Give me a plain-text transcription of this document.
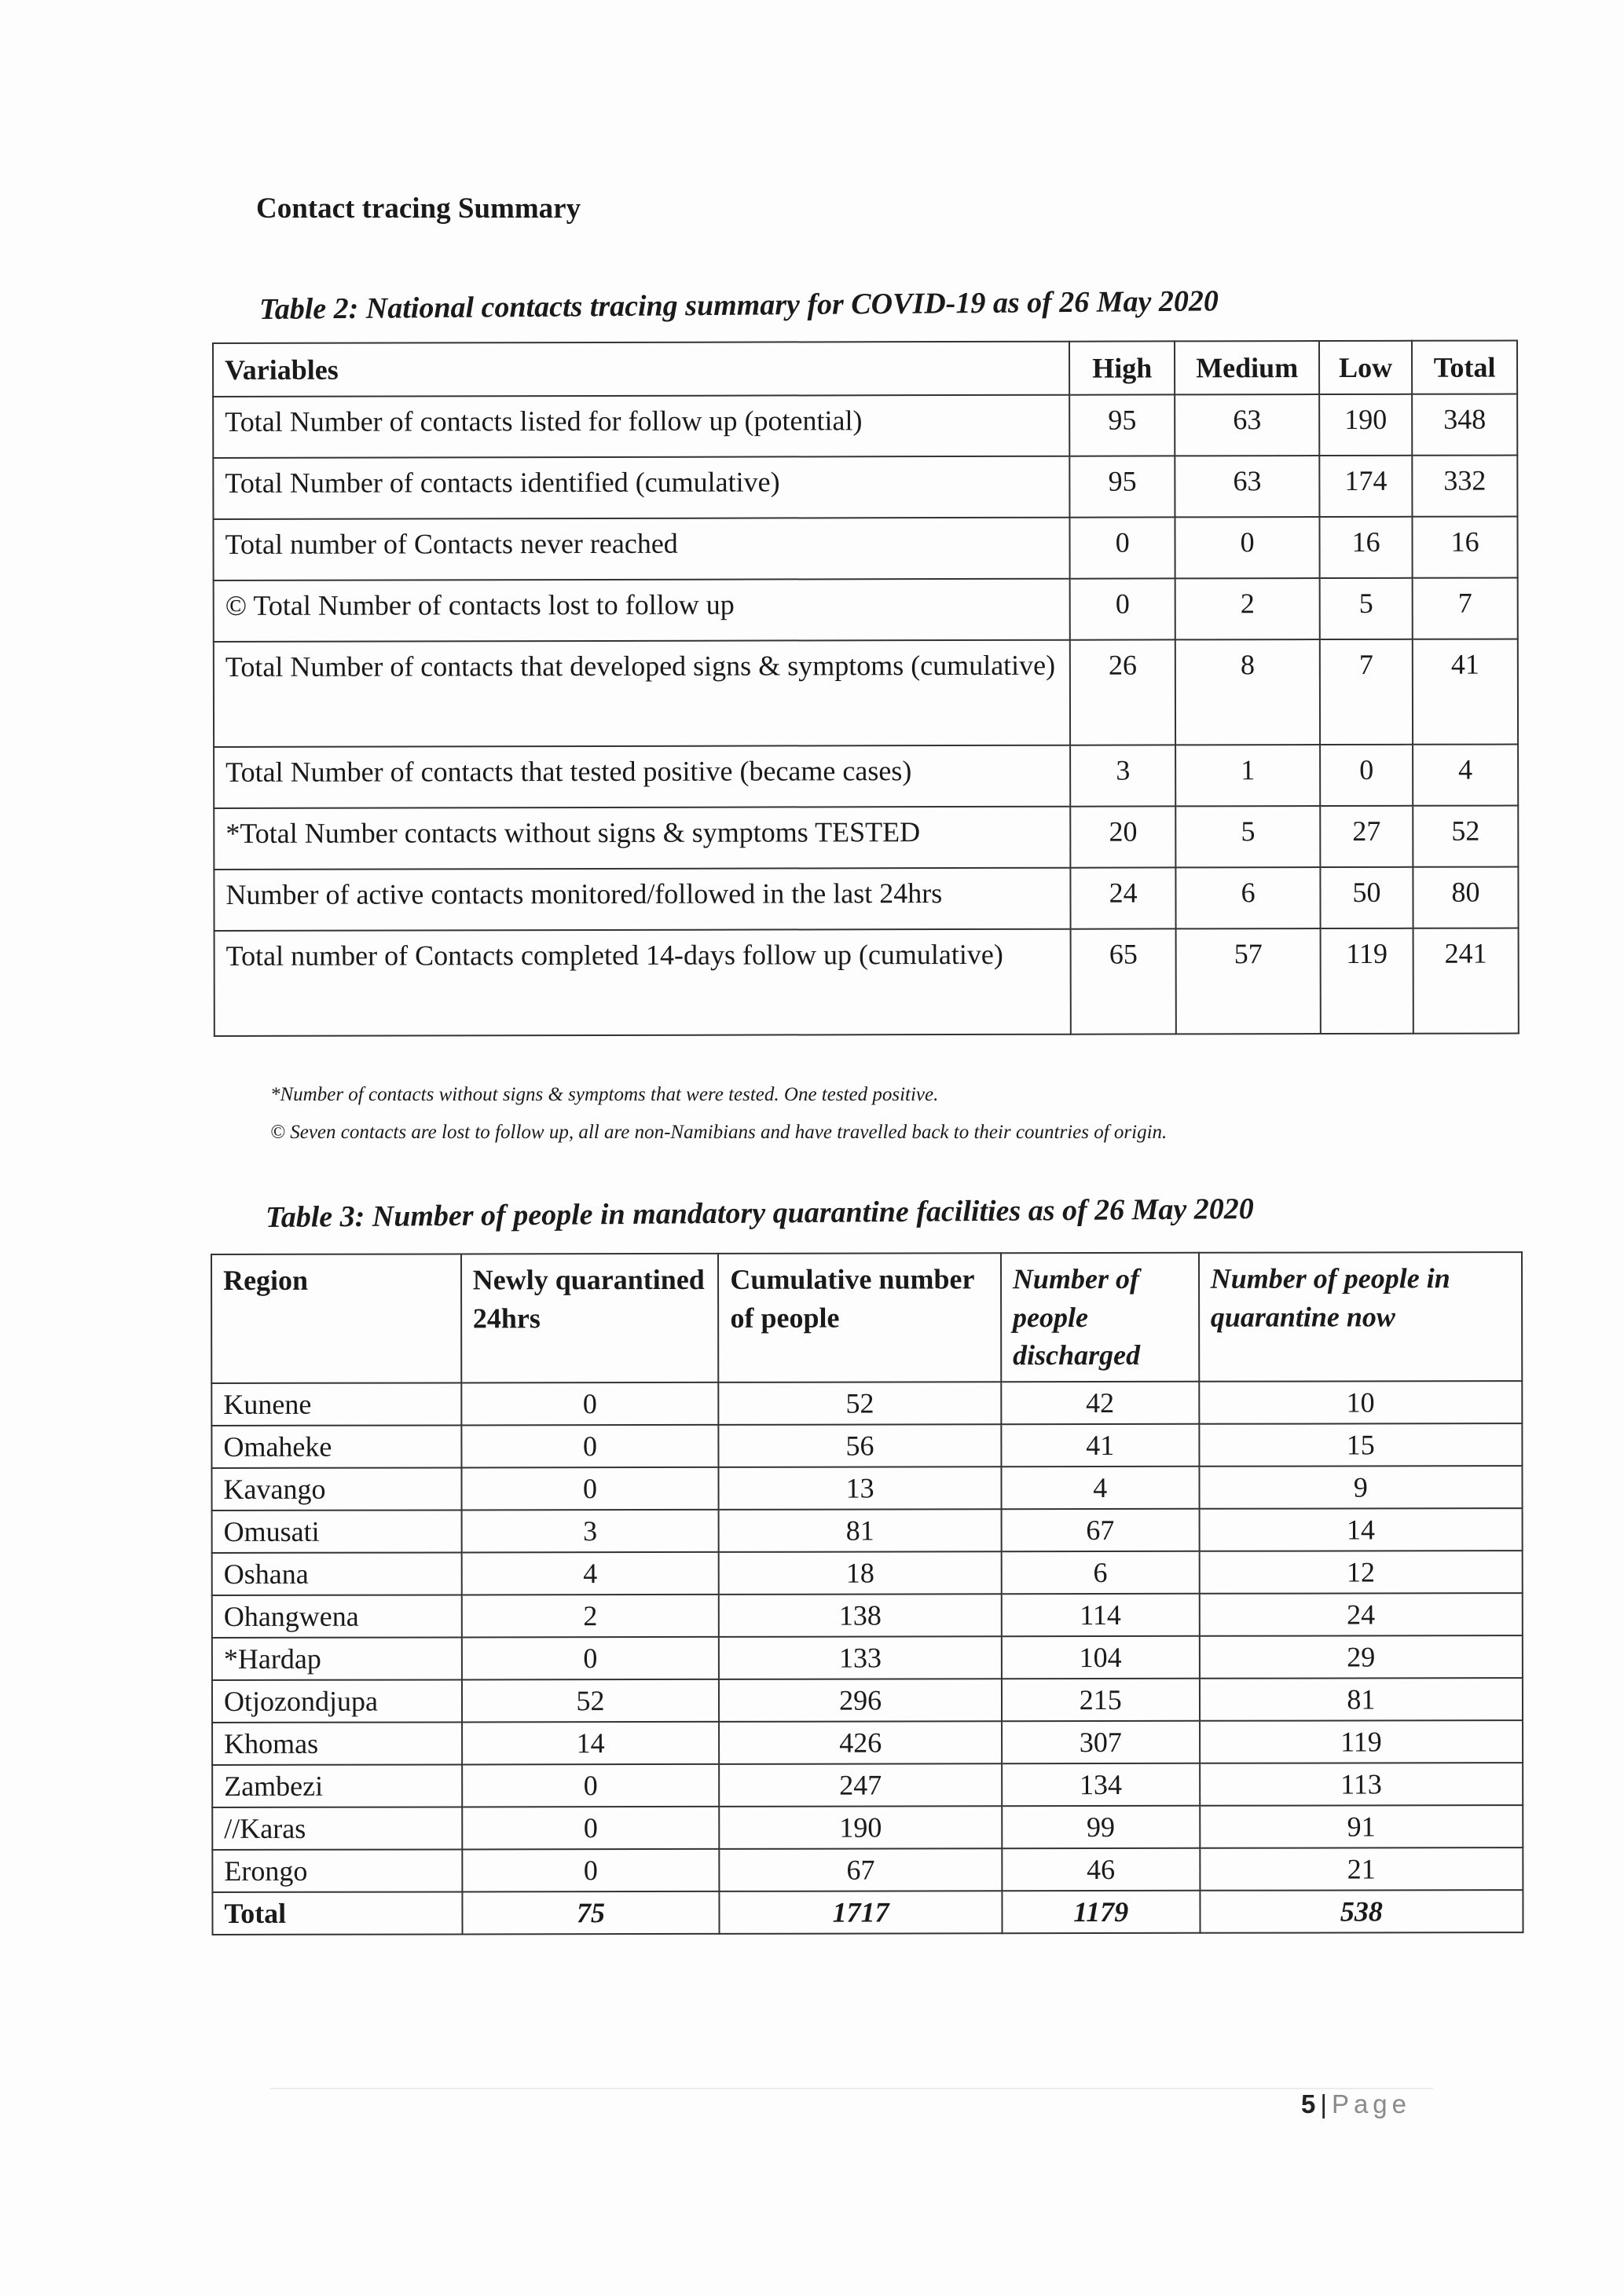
Contact tracing Summary
Table 2: National contacts tracing summary for COVID-19 as of 26 May 2020
Variables	High	Medium	Low	Total
Total Number of contacts listed for follow up (potential)	95	63	190	348
Total Number of contacts identified (cumulative)	95	63	174	332
Total number of Contacts never reached	0	0	16	16
© Total Number of contacts lost to follow up	0	2	5	7
Total Number of contacts that developed signs & symptoms (cumulative)	26	8	7	41
Total Number of contacts that tested positive (became cases)	3	1	0	4
*Total Number contacts without signs & symptoms TESTED	20	5	27	52
Number of active contacts monitored/followed in the last 24hrs	24	6	50	80
Total number of Contacts completed 14-days follow up (cumulative)	65	57	119	241
*Number of contacts without signs & symptoms that were tested. One tested positive.
© Seven contacts are lost to follow up, all are non-Namibians and have travelled back to their countries of origin.
Table 3: Number of people in mandatory quarantine facilities as of 26 May 2020
Region	Newly quarantined 24hrs	Cumulative number of people	Number of people discharged	Number of people in quarantine now
Kunene	0	52	42	10
Omaheke	0	56	41	15
Kavango	0	13	4	9
Omusati	3	81	67	14
Oshana	4	18	6	12
Ohangwena	2	138	114	24
*Hardap	0	133	104	29
Otjozondjupa	52	296	215	81
Khomas	14	426	307	119
Zambezi	0	247	134	113
//Karas	0	190	99	91
Erongo	0	67	46	21
Total	75	1717	1179	538
5 | Page
